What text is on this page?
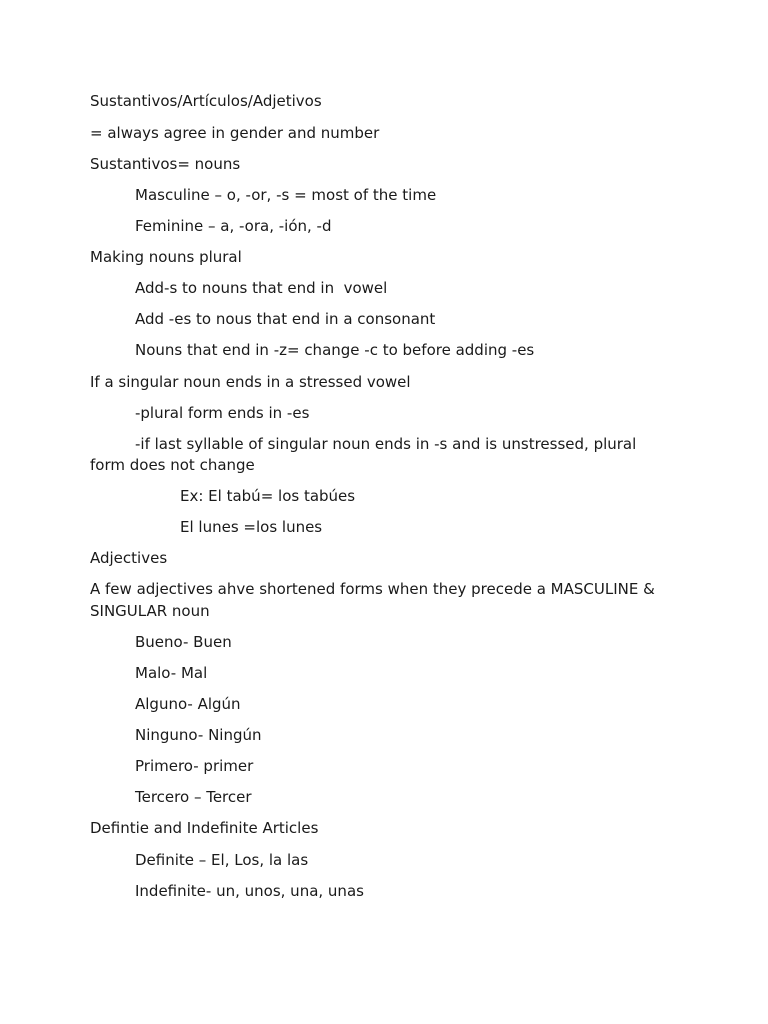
Sustantivos/Artículos/Adjetivos
= always agree in gender and number
Sustantivos= nouns
Masculine – o, -or, -s = most of the time
Feminine – a, -ora, -ión, -d
Making nouns plural
Add-s to nouns that end in  vowel
Add -es to nous that end in a consonant
Nouns that end in -z= change -c to before adding -es
If a singular noun ends in a stressed vowel
-plural form ends in -es
-if last syllable of singular noun ends in -s and is unstressed, plural
form does not change
Ex: El tabú= los tabúes
El lunes =los lunes
Adjectives
A few adjectives ahve shortened forms when they precede a MASCULINE &
SINGULAR noun
Bueno- Buen
Malo- Mal
Alguno- Algún
Ninguno- Ningún
Primero- primer
Tercero – Tercer
Defintie and Indefinite Articles
Definite – El, Los, la las
Indefinite- un, unos, una, unas
